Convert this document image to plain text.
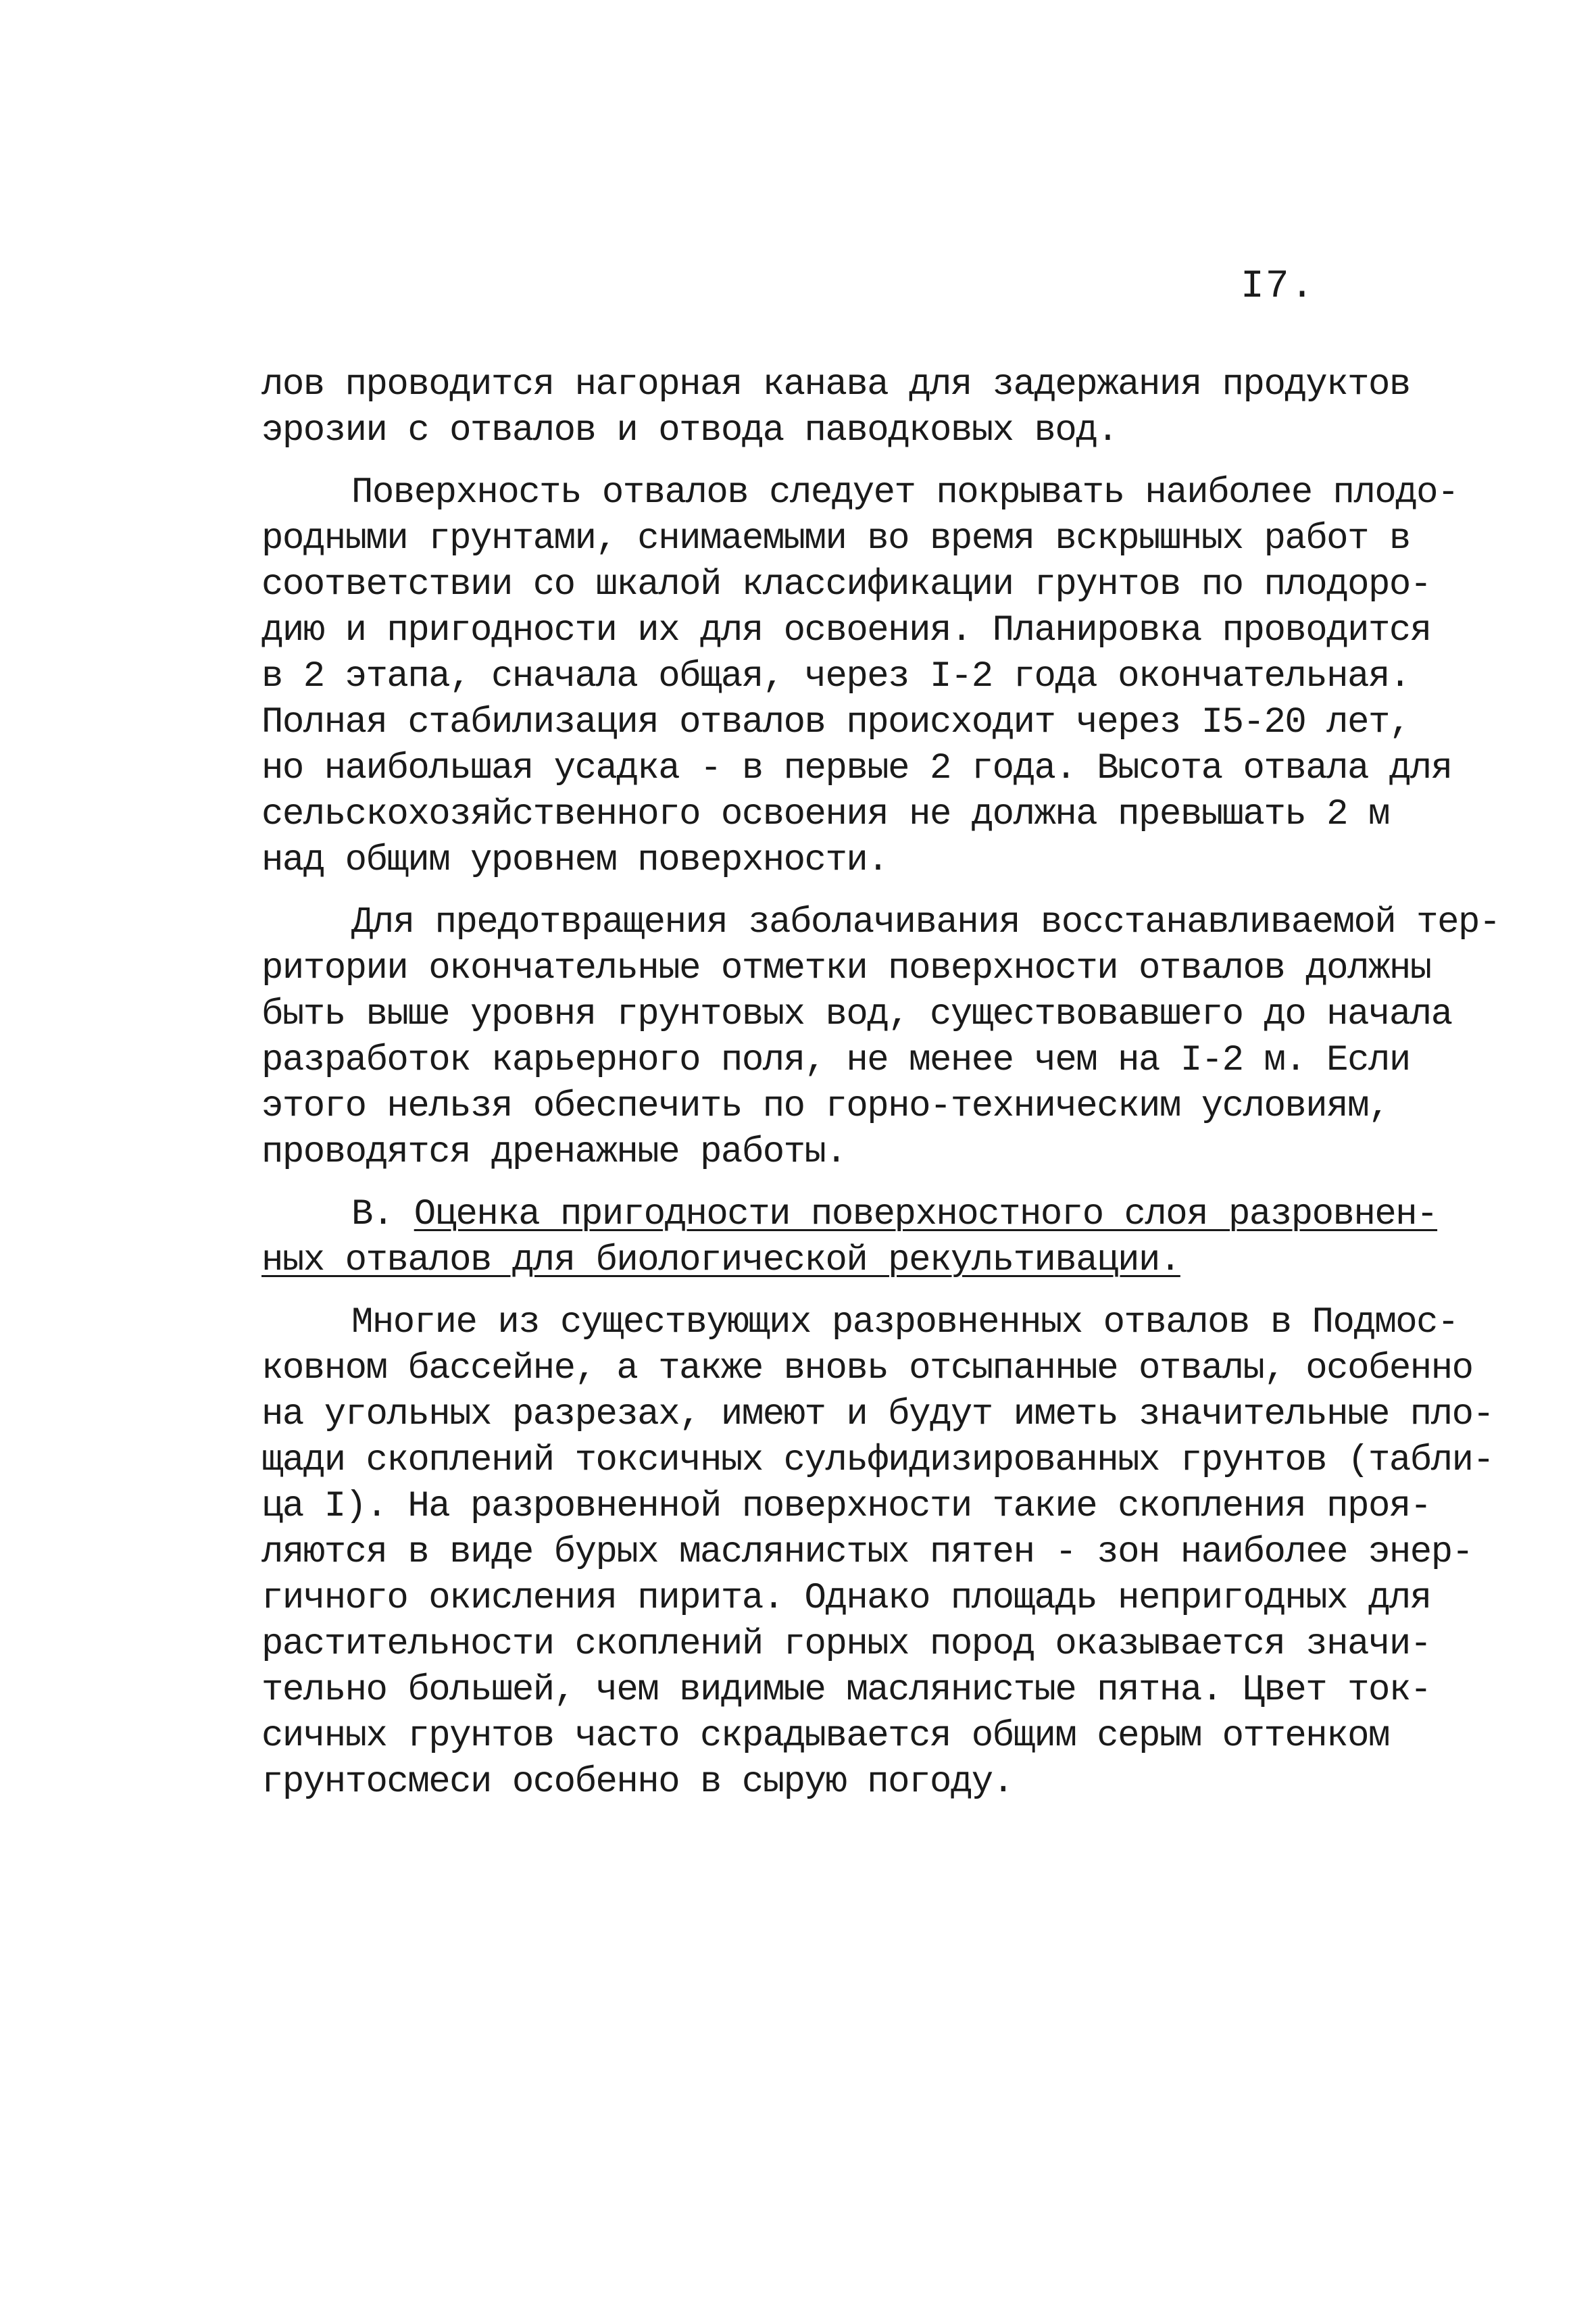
I7.
лов проводится нагорная канава для задержания продуктов
эрозии с отвалов и отвода паводковых вод.
Поверхность отвалов следует покрывать наиболее плодо-
родными грунтами, снимаемыми во время вскрышных работ в
соответствии со шкалой классификации грунтов по плодоро-
дию и пригодности их для освоения. Планировка проводится
в 2 этапа, сначала общая, через I-2 года окончательная.
Полная стабилизация отвалов происходит через I5-20 лет,
но наибольшая усадка - в первые 2 года. Высота отвала для
сельскохозяйственного освоения не должна превышать 2 м
над общим уровнем поверхности.
Для предотвращения заболачивания восстанавливаемой тер-
ритории окончательные отметки поверхности отвалов должны
быть выше уровня грунтовых вод, существовавшего до начала
разработок карьерного поля, не менее чем на I-2 м. Если
этого нельзя обеспечить по горно-техническим условиям,
проводятся дренажные работы.
В. Оценка пригодности поверхностного слоя разровнен-
ных отвалов для биологической рекультивации.
Многие из существующих разровненных отвалов в Подмос-
ковном бассейне, а также вновь отсыпанные отвалы, особенно
на угольных разрезах, имеют и будут иметь значительные пло-
щади скоплений токсичных сульфидизированных грунтов (табли-
ца I). На разровненной поверхности такие скопления проя-
ляются в виде бурых маслянистых пятен - зон наиболее энер-
гичного окисления пирита. Однако площадь непригодных для
растительности скоплений горных пород оказывается значи-
тельно большей, чем видимые маслянистые пятна. Цвет ток-
сичных грунтов часто скрадывается общим серым оттенком
грунтосмеси особенно в сырую погоду.
